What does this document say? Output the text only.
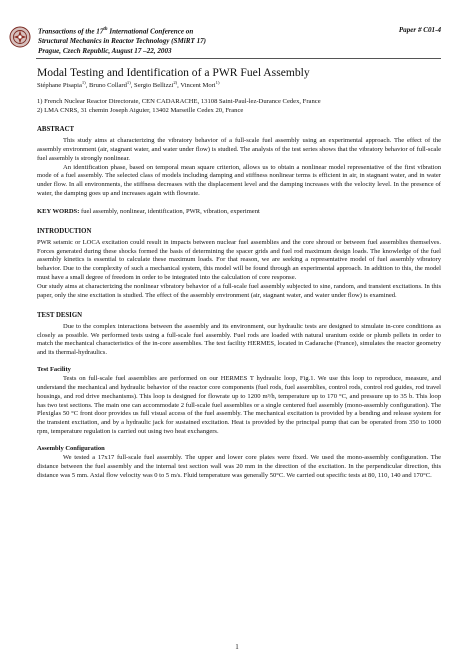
Transactions of the 17th International Conference on
Structural Mechanics in Reactor Technology (SMiRT 17)
Prague, Czech Republic, August 17 –22, 2003
Paper # C01-4
Modal Testing and Identification of a PWR Fuel Assembly
Stéphane Pisapia$^{1)}$, Bruno Collard$^{1)}$, Sergio Bellizzi$^{2)}$, Vincent Mori$^{1)}$
1) French Nuclear Reactor Directorate, CEN CADARACHE, 13108 Saint-Paul-lez-Durance Cedex, France
2) LMA CNRS, 31 chemin Joseph Aiguier, 13402 Marseille Cedex 20, France
ABSTRACT

This study aims at characterizing the vibratory behavior of a full-scale fuel assembly using an experimental approach. The effect of the assembly environment (air, stagnant water, and water under flow) is studied. The analysis of the test series shows that the vibratory behavior of full-scale fuel assembly is strongly nonlinear.

An identification phase, based on temporal mean square criterion, allows us to obtain a nonlinear model representative of the first vibration mode of a fuel assembly. The selected class of models including damping and stiffness nonlinear terms is efficient in air, in stagnant water, and in water under flow. In all environments, the stiffness decreases with the displacement level and the damping increases with the velocity level. In the presence of water, the damping goes up and increases again with flowrate.

KEY WORDS: fuel assembly, nonlinear, identification, PWR, vibration, experiment
INTRODUCTION

PWR seismic or LOCA excitation could result in impacts between nuclear fuel assemblies and the core shroud or between fuel assemblies themselves. Forces generated during these shocks formed the basis of determining the spacer grids and fuel rod maximum design loads. The knowledge of the fuel assembly kinetics is essential to calculate these maximum loads. For that reason, we are seeking a representative model of fuel assembly vibratory behavior. Due to the complexity of such a mechanical system, this model will be found through an experimental approach. In addition to this, the model must have a small degree of freedom in order to be integrated into the calculation of core response.

Our study aims at characterizing the nonlinear vibratory behavior of a full-scale fuel assembly subjected to sine, random, and transient excitations. In this paper, only the sine excitation is studied. The effect of the assembly environment (air, stagnant water, and water under flow) is examined.

TEST DESIGN

Due to the complex interactions between the assembly and its environment, our hydraulic tests are designed to simulate in-core conditions as closely as possible. We performed tests using a full-scale fuel assembly. Fuel rods are loaded with natural uranium oxide or plumb pellets in order to match the mechanical characteristics of the in-core assemblies. The test facility HERMES, located in Cadarache (France), simulates the reactor geometry and its thermal-hydraulics.

Test Facility

Tests on full-scale fuel assemblies are performed on our HERMES T hydraulic loop, Fig.1. We use this loop to reproduce, measure, and understand the mechanical and hydraulic behavior of the reactor core components (fuel rods, fuel assemblies, control rods, control rod guides, rod travel housings, and rod drive mechanisms). This loop is designed for flowrate up to 1200 m³/h, temperature up to 170 °C, and pressure up to 35 b. This loop has two test sections. The main one can accommodate 2 full-scale fuel assemblies or a single centered fuel assembly (mono-assembly configuration). The Plexiglas 50 °C front door provides us full visual access of the fuel assembly. The mechanical excitation is provided by a bending and release system for the transient excitation, and by a hydraulic jack for sustained excitation. Heat is provided by the principal pump that can be operated from 350 to 1000 rpm, temperature regulation is carried out using two heat exchangers.

Assembly Configuration

We tested a 17x17 full-scale fuel assembly. The upper and lower core plates were fixed. We used the mono-assembly configuration. The distance between the fuel assembly and the internal test section wall was 20 mm in the direction of the excitation. In the perpendicular direction, this distance was 5 mm. Axial flow velocity was 0 to 5 m/s. Fluid temperature was generally 50°C. We carried out specific tests at 80, 110, 140 and 170°C.

1
